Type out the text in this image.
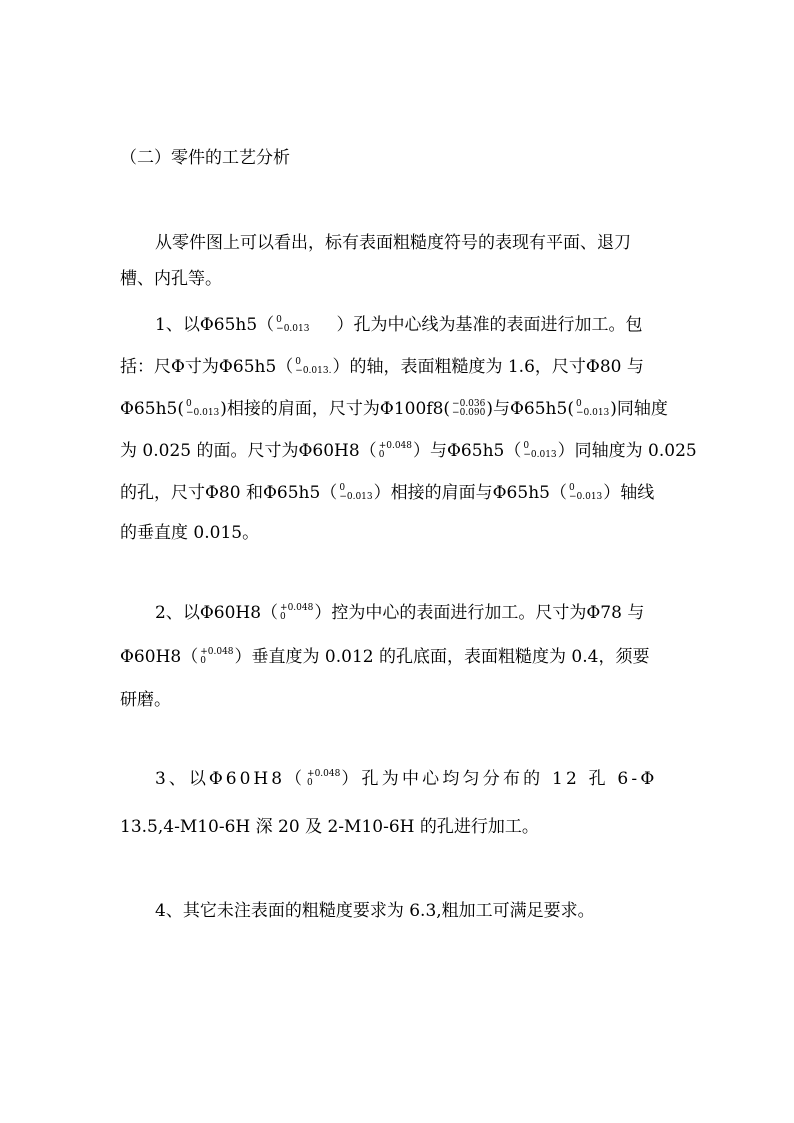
（二）零件的工艺分析
从零件图上可以看出，标有表面粗糙度符号的表现有平面、退刀
槽、内孔等。
1、以Φ65h5（ 0
−0.013 ）孔为中心线为基准的表面进行加工。包
括：尺Φ寸为Φ65h5（ 0
−0.013. ）的轴，表面粗糙度为 1.6，尺寸Φ80 与
Φ65h5( 0
−0.013 )相接的肩面，尺寸为Φ100f8( −0.036
−0.090 )与Φ65h5( 0
−0.013 )同轴度
为 0.025 的面。尺寸为Φ60H8（ +0.048
0	）与Φ65h5（ 0
−0.013 ）同轴度为 0.025
的孔，尺寸Φ80 和Φ65h5（ 0
−0.013 ）相接的肩面与Φ65h5（ 0
−0.013 ）轴线
的垂直度 0.015。
2、以Φ60H8（ +0.048
0	）控为中心的表面进行加工。尺寸为Φ78 与
Φ60H8（ +0.048
0	）垂直度为 0.012 的孔底面，表面粗糙度为 0.4，须要
研磨。
3、以Φ60H8（ +0.048
0	）孔为中心均匀分布的 12 孔 6-Φ
13.5,4-M10-6H 深 20 及 2-M10-6H 的孔进行加工。
4、其它未注表面的粗糙度要求为 6.3,粗加工可满足要求。
